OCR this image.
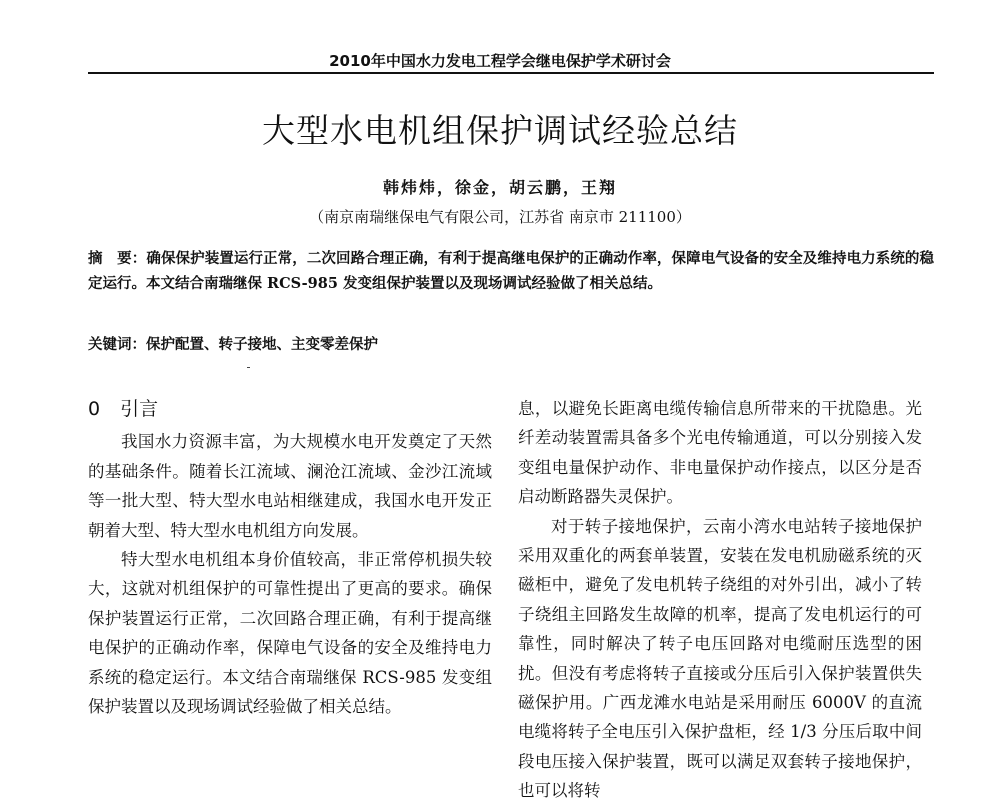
2010年中国水力发电工程学会继电保护学术研讨会
大型水电机组保护调试经验总结
韩炜炜，徐金，胡云鹏，王翔
（南京南瑞继保电气有限公司，江苏省 南京市 211100）
摘　要：确保保护装置运行正常，二次回路合理正确，有利于提高继电保护的正确动作率，保障电气设备的安全及维持电力系统的稳定运行。本文结合南瑞继保 RCS-985 发变组保护装置以及现场调试经验做了相关总结。
关键词：保护配置、转子接地、主变零差保护
0 引言

我国水力资源丰富，为大规模水电开发奠定了天然的基础条件。随着长江流域、澜沧江流域、金沙江流域等一批大型、特大型水电站相继建成，我国水电开发正朝着大型、特大型水电机组方向发展。

特大型水电机组本身价值较高，非正常停机损失较大，这就对机组保护的可靠性提出了更高的要求。确保保护装置运行正常，二次回路合理正确，有利于提高继电保护的正确动作率，保障电气设备的安全及维持电力系统的稳定运行。本文结合南瑞继保 RCS-985 发变组保护装置以及现场调试经验做了相关总结。

息，以避免长距离电缆传输信息所带来的干扰隐患。光纤差动装置需具备多个光电传输通道，可以分别接入发变组电量保护动作、非电量保护动作接点，以区分是否启动断路器失灵保护。

对于转子接地保护，云南小湾水电站转子接地保护采用双重化的两套单装置，安装在发电机励磁系统的灭磁柜中，避免了发电机转子绕组的对外引出，减小了转子绕组主回路发生故障的机率，提高了发电机运行的可靠性，同时解决了转子电压回路对电缆耐压选型的困扰。但没有考虑将转子直接或分压后引入保护装置供失磁保护用。广西龙滩水电站是采用耐压 6000V 的直流电缆将转子全电压引入保护盘柜，经 1/3 分压后取中间段电压接入保护装置，既可以满足双套转子接地保护，也可以将转
